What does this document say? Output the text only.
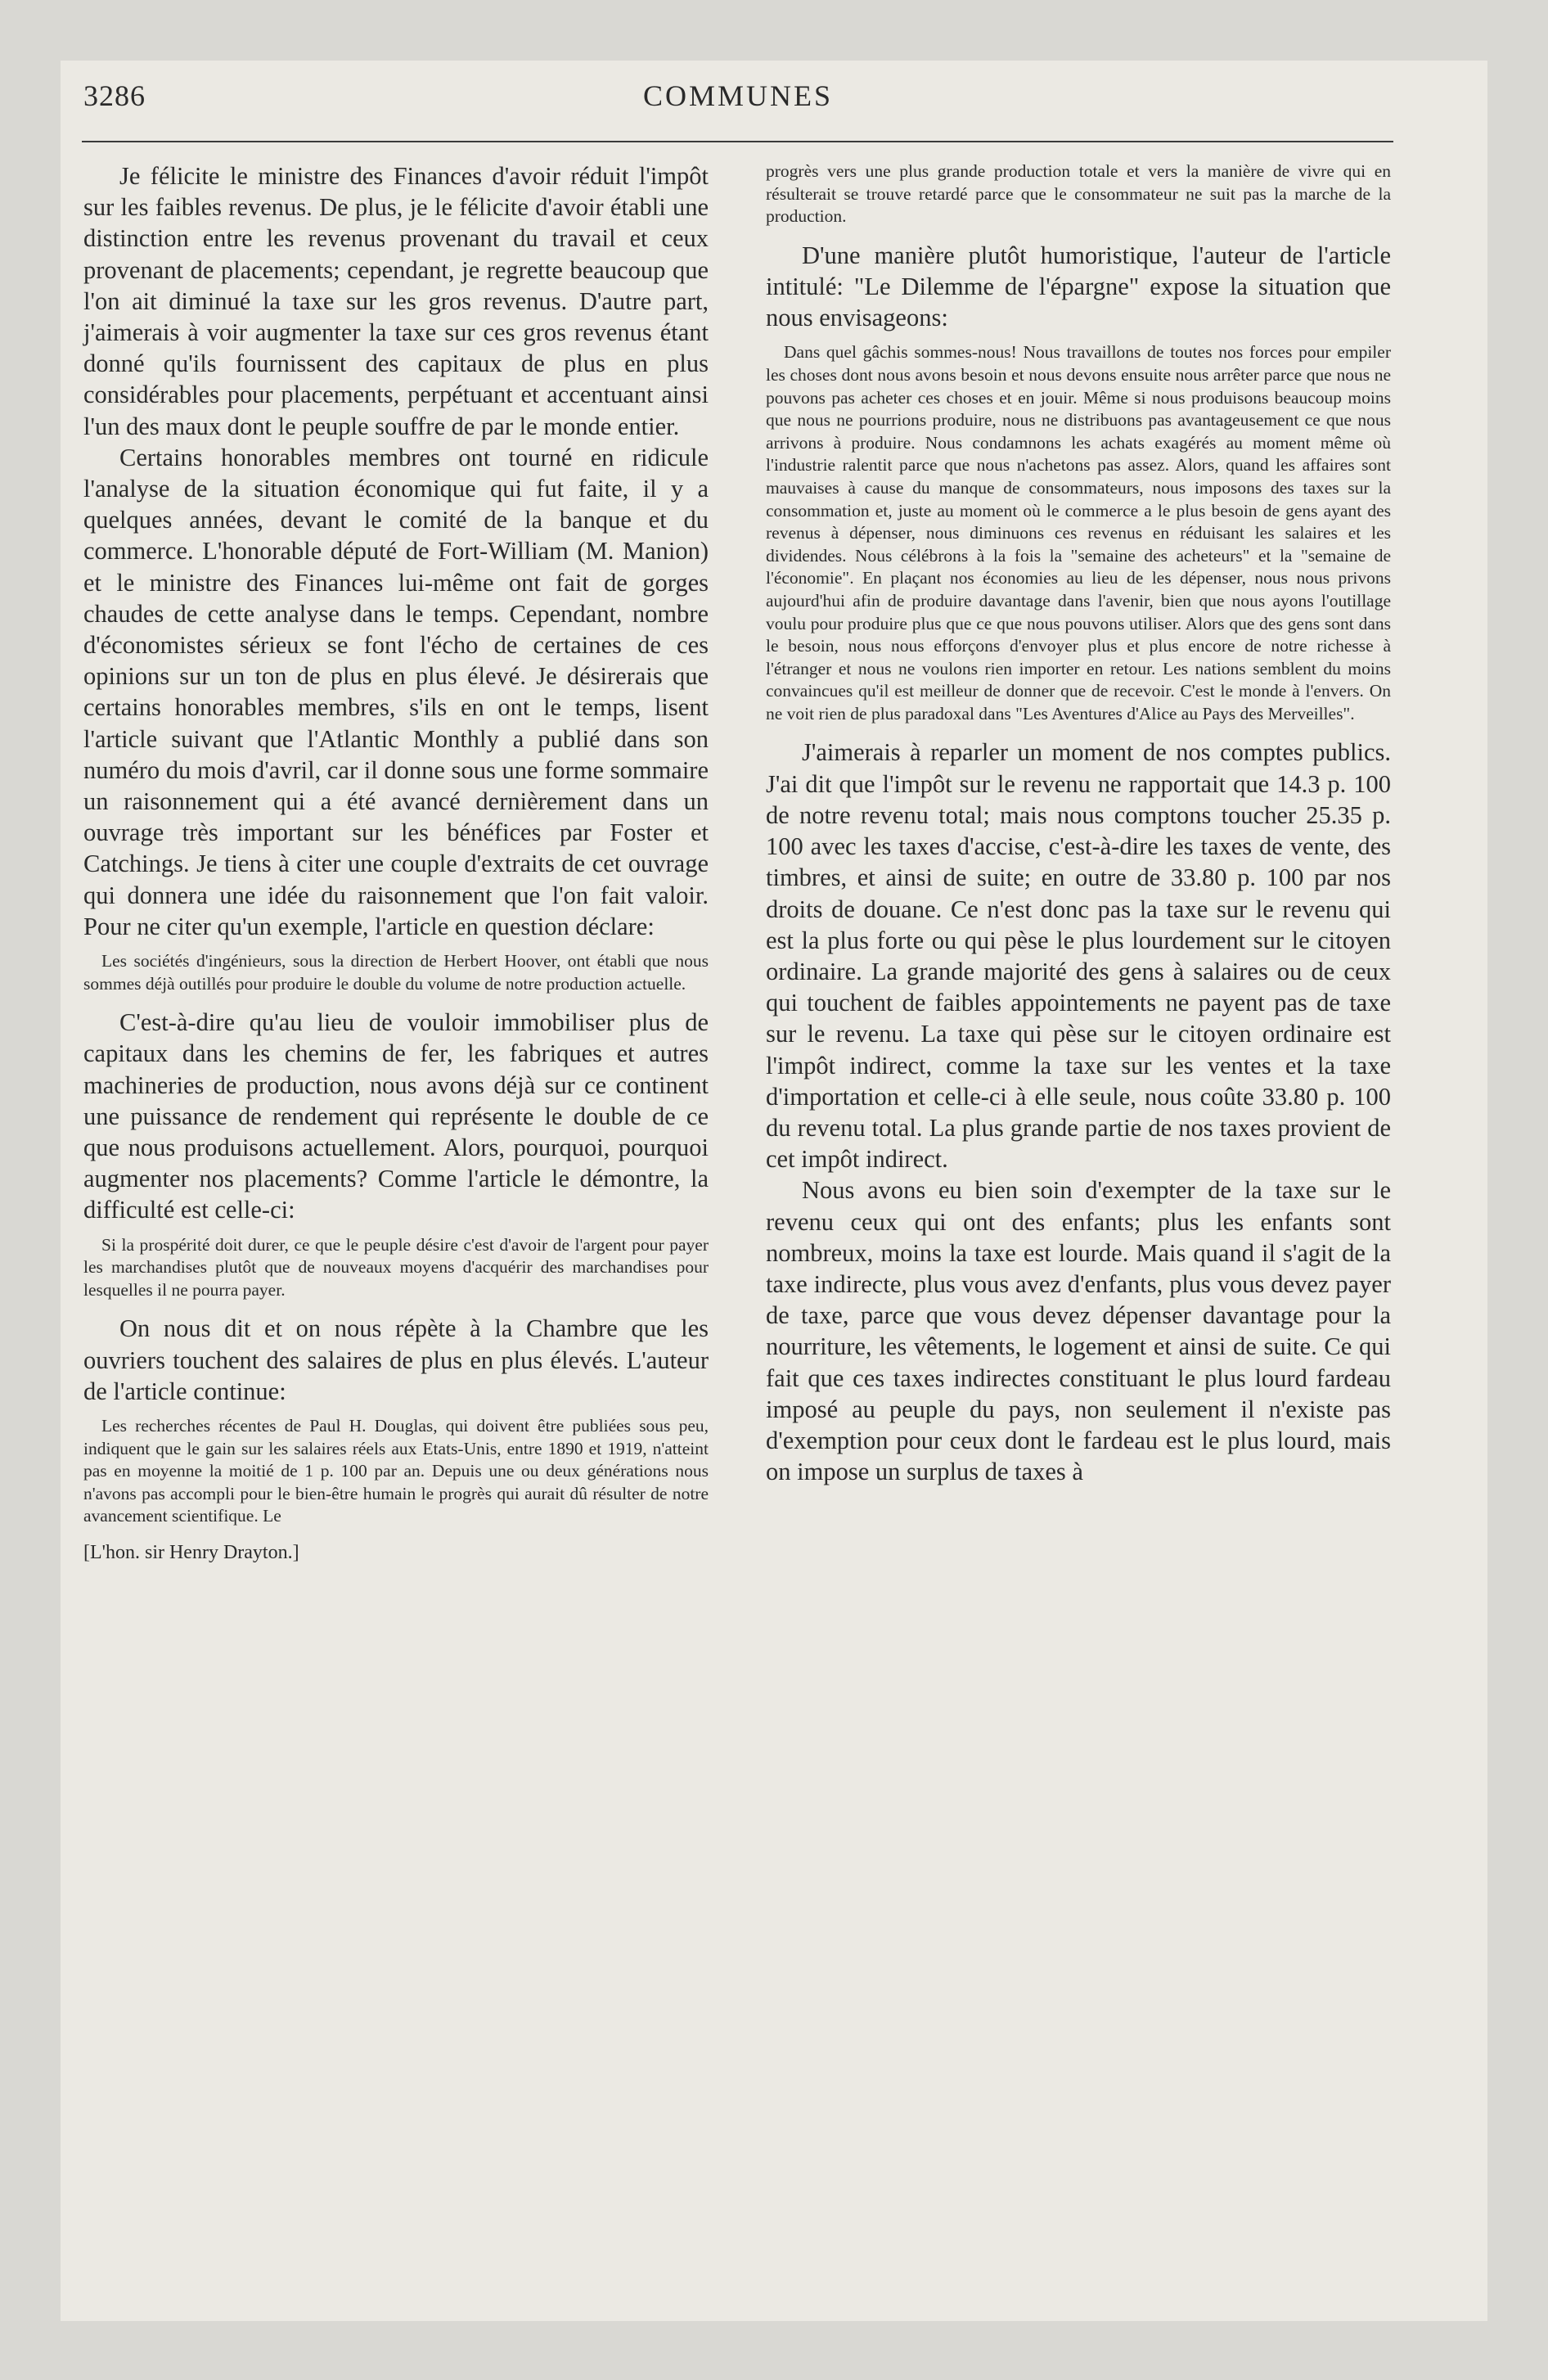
3286	COMMUNES

Je félicite le ministre des Finances d'avoir réduit l'impôt sur les faibles revenus. De plus, je le félicite d'avoir établi une distinction entre les revenus provenant du travail et ceux provenant de placements; cependant, je regrette beaucoup que l'on ait diminué la taxe sur les gros revenus. D'autre part, j'aimerais à voir augmenter la taxe sur ces gros revenus étant donné qu'ils fournissent des capitaux de plus en plus considérables pour placements, perpétuant et accentuant ainsi l'un des maux dont le peuple souffre de par le monde entier.

Certains honorables membres ont tourné en ridicule l'analyse de la situation économique qui fut faite, il y a quelques années, devant le comité de la banque et du commerce. L'honorable député de Fort-William (M. Manion) et le ministre des Finances lui-même ont fait de gorges chaudes de cette analyse dans le temps. Cependant, nombre d'économistes sérieux se font l'écho de certaines de ces opinions sur un ton de plus en plus élevé. Je désirerais que certains honorables membres, s'ils en ont le temps, lisent l'article suivant que l'Atlantic Monthly a publié dans son numéro du mois d'avril, car il donne sous une forme sommaire un raisonnement qui a été avancé dernièrement dans un ouvrage très important sur les bénéfices par Foster et Catchings. Je tiens à citer une couple d'extraits de cet ouvrage qui donnera une idée du raisonnement que l'on fait valoir. Pour ne citer qu'un exemple, l'article en question déclare:

Les sociétés d'ingénieurs, sous la direction de Herbert Hoover, ont établi que nous sommes déjà outillés pour produire le double du volume de notre production actuelle.

C'est-à-dire qu'au lieu de vouloir immobiliser plus de capitaux dans les chemins de fer, les fabriques et autres machineries de production, nous avons déjà sur ce continent une puissance de rendement qui représente le double de ce que nous produisons actuellement. Alors, pourquoi, pourquoi augmenter nos placements? Comme l'article le démontre, la difficulté est celle-ci:

Si la prospérité doit durer, ce que le peuple désire c'est d'avoir de l'argent pour payer les marchandises plutôt que de nouveaux moyens d'acquérir des marchandises pour lesquelles il ne pourra payer.

On nous dit et on nous répète à la Chambre que les ouvriers touchent des salaires de plus en plus élevés. L'auteur de l'article continue:

Les recherches récentes de Paul H. Douglas, qui doivent être publiées sous peu, indiquent que le gain sur les salaires réels aux Etats-Unis, entre 1890 et 1919, n'atteint pas en moyenne la moitié de 1 p. 100 par an. Depuis une ou deux générations nous n'avons pas accompli pour le bien-être humain le progrès qui aurait dû résulter de notre avancement scientifique. Le

[L'hon. sir Henry Drayton.]

progrès vers une plus grande production totale et vers la manière de vivre qui en résulterait se trouve retardé parce que le consommateur ne suit pas la marche de la production.

D'une manière plutôt humoristique, l'auteur de l'article intitulé: "Le Dilemme de l'épargne" expose la situation que nous envisageons:

Dans quel gâchis sommes-nous! Nous travaillons de toutes nos forces pour empiler les choses dont nous avons besoin et nous devons ensuite nous arrêter parce que nous ne pouvons pas acheter ces choses et en jouir. Même si nous produisons beaucoup moins que nous ne pourrions produire, nous ne distribuons pas avantageusement ce que nous arrivons à produire. Nous condamnons les achats exagérés au moment même où l'industrie ralentit parce que nous n'achetons pas assez. Alors, quand les affaires sont mauvaises à cause du manque de consommateurs, nous imposons des taxes sur la consommation et, juste au moment où le commerce a le plus besoin de gens ayant des revenus à dépenser, nous diminuons ces revenus en réduisant les salaires et les dividendes. Nous célébrons à la fois la "semaine des acheteurs" et la "semaine de l'économie". En plaçant nos économies au lieu de les dépenser, nous nous privons aujourd'hui afin de produire davantage dans l'avenir, bien que nous ayons l'outillage voulu pour produire plus que ce que nous pouvons utiliser. Alors que des gens sont dans le besoin, nous nous efforçons d'envoyer plus et plus encore de notre richesse à l'étranger et nous ne voulons rien importer en retour. Les nations semblent du moins convaincues qu'il est meilleur de donner que de recevoir. C'est le monde à l'envers. On ne voit rien de plus paradoxal dans "Les Aventures d'Alice au Pays des Merveilles".

J'aimerais à reparler un moment de nos comptes publics. J'ai dit que l'impôt sur le revenu ne rapportait que 14.3 p. 100 de notre revenu total; mais nous comptons toucher 25.35 p. 100 avec les taxes d'accise, c'est-à-dire les taxes de vente, des timbres, et ainsi de suite; en outre de 33.80 p. 100 par nos droits de douane. Ce n'est donc pas la taxe sur le revenu qui est la plus forte ou qui pèse le plus lourdement sur le citoyen ordinaire. La grande majorité des gens à salaires ou de ceux qui touchent de faibles appointements ne payent pas de taxe sur le revenu. La taxe qui pèse sur le citoyen ordinaire est l'impôt indirect, comme la taxe sur les ventes et la taxe d'importation et celle-ci à elle seule, nous coûte 33.80 p. 100 du revenu total. La plus grande partie de nos taxes provient de cet impôt indirect.

Nous avons eu bien soin d'exempter de la taxe sur le revenu ceux qui ont des enfants; plus les enfants sont nombreux, moins la taxe est lourde. Mais quand il s'agit de la taxe indirecte, plus vous avez d'enfants, plus vous devez payer de taxe, parce que vous devez dépenser davantage pour la nourriture, les vêtements, le logement et ainsi de suite. Ce qui fait que ces taxes indirectes constituant le plus lourd fardeau imposé au peuple du pays, non seulement il n'existe pas d'exemption pour ceux dont le fardeau est le plus lourd, mais on impose un surplus de taxes à
